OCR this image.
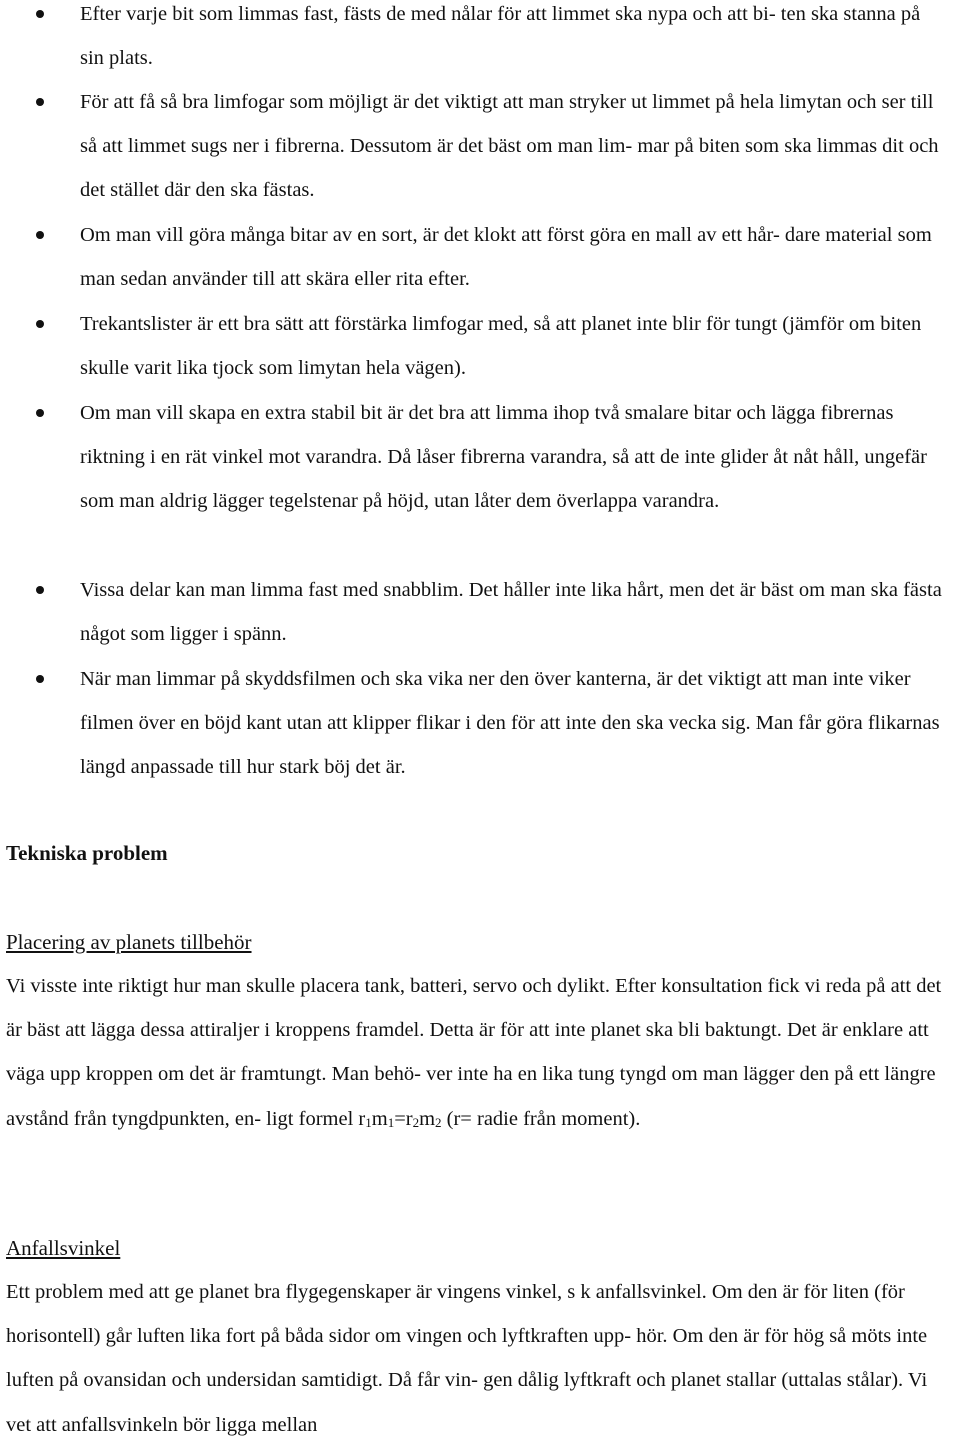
Efter varje bit som limmas fast, fästs de med nålar för att limmet ska nypa och att bi- ten ska stanna på sin plats.
För att få så bra limfogar som möjligt är det viktigt att man stryker ut limmet på hela limytan och ser till så att limmet sugs ner i fibrerna. Dessutom är det bäst om man lim- mar på biten som ska limmas dit och det stället där den ska fästas.
Om man vill göra många bitar av en sort, är det klokt att först göra en mall av ett hår- dare material som man sedan använder till att skära eller rita efter.
Trekantslister är ett bra sätt att förstärka limfogar med, så att planet inte blir för tungt (jämför om biten skulle varit lika tjock som limytan hela vägen).
Om man vill skapa en extra stabil bit är det bra att limma ihop två smalare bitar och lägga fibrernas riktning i en rät vinkel mot varandra. Då låser fibrerna varandra, så att de inte glider åt nåt håll, ungefär som man aldrig lägger tegelstenar på höjd, utan låter dem överlappa varandra.
Vissa delar kan man limma fast med snabblim. Det håller inte lika hårt, men det är bäst om man ska fästa något som ligger i spänn.
När man limmar på skyddsfilmen och ska vika ner den över kanterna, är det viktigt att man inte viker filmen över en böjd kant utan att klipper flikar i den för att inte den ska vecka sig. Man får göra flikarnas längd anpassade till hur stark böj det är.
Tekniska problem
Placering av planets tillbehör

Vi visste inte riktigt hur man skulle placera tank, batteri, servo och dylikt. Efter konsultation fick vi reda på att det är bäst att lägga dessa attiraljer i kroppens framdel. Detta är för att inte planet ska bli baktungt. Det är enklare att väga upp kroppen om det är framtungt. Man behö- ver inte ha en lika tung tyngd om man lägger den på ett längre avstånd från tyngdpunkten, en- ligt formel r1m1=r2m2 (r= radie från moment).

Anfallsvinkel

Ett problem med att ge planet bra flygegenskaper är vingens vinkel, s k anfallsvinkel. Om den är för liten (för horisontell) går luften lika fort på båda sidor om vingen och lyftkraften upp- hör. Om den är för hög så möts inte luften på ovansidan och undersidan samtidigt. Då får vin- gen dålig lyftkraft och planet stallar (uttalas stålar). Vi vet att anfallsvinkeln bör ligga mellan
